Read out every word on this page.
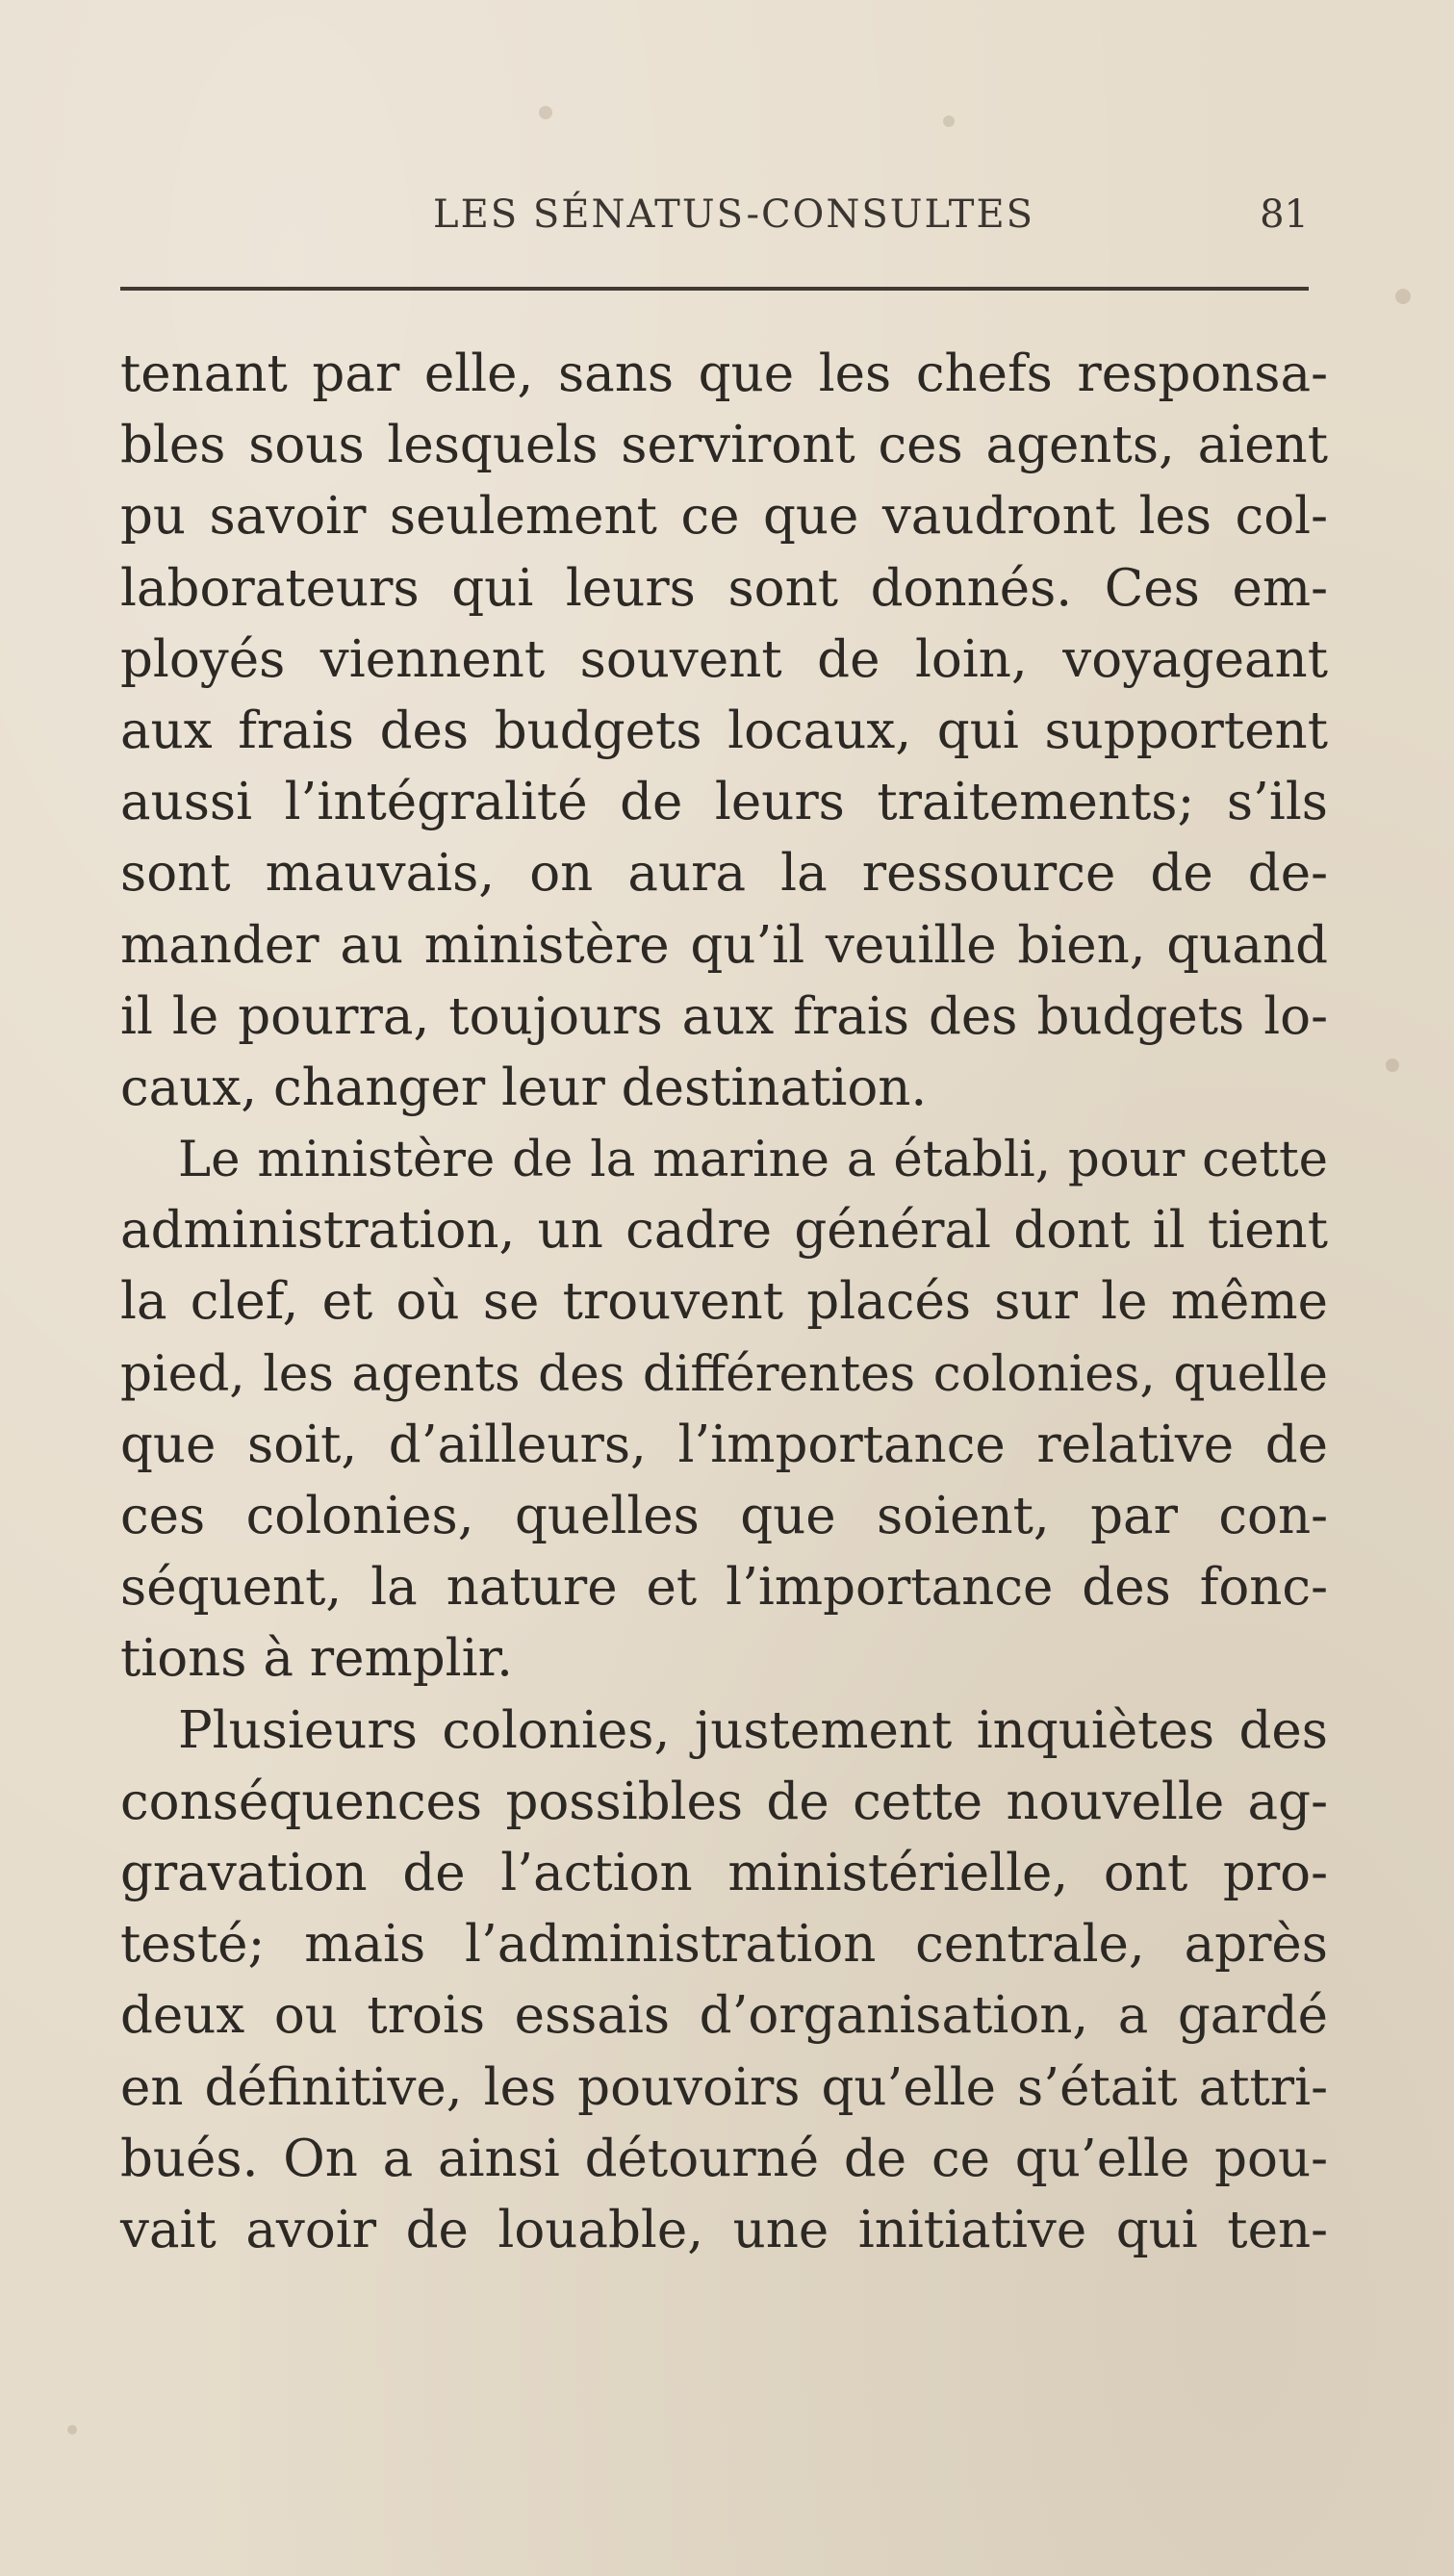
LES SÉNATUS-CONSULTES	81
tenant par elle, sans que les chefs responsa-
bles sous lesquels serviront ces agents, aient
pu savoir seulement ce que vaudront les col-
laborateurs qui leurs sont donnés. Ces em-
ployés viennent souvent de loin, voyageant
aux frais des budgets locaux, qui supportent
aussi l’intégralité de leurs traitements; s’ils
sont mauvais, on aura la ressource de de-
mander au ministère qu’il veuille bien, quand
il le pourra, toujours aux frais des budgets lo-
caux, changer leur destination.
Le ministère de la marine a établi, pour cette
administration, un cadre général dont il tient
la clef, et où se trouvent placés sur le même
pied, les agents des différentes colonies, quelle
que soit, d’ailleurs, l’importance relative de
ces colonies, quelles que soient, par con-
séquent, la nature et l’importance des fonc-
tions à remplir.
Plusieurs colonies, justement inquiètes des
conséquences possibles de cette nouvelle ag-
gravation de l’action ministérielle, ont pro-
testé; mais l’administration centrale, après
deux ou trois essais d’organisation, a gardé
en définitive, les pouvoirs qu’elle s’était attri-
bués. On a ainsi détourné de ce qu’elle pou-
vait avoir de louable, une initiative qui ten-
